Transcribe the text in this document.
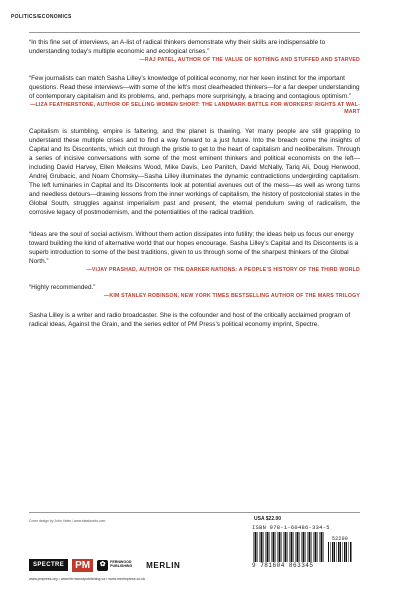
POLITICS/ECONOMICS

“In this fine set of interviews, an A-list of radical thinkers demonstrate why their skills are indispensable to understanding today’s multiple economic and ecological crises.”

—RAJ PATEL, AUTHOR OF THE VALUE OF NOTHING AND STUFFED AND STARVED

“Few journalists can match Sasha Lilley’s knowledge of political economy, nor her keen instinct for the important questions. Read these interviews—with some of the left’s most clearheaded thinkers—for a far deeper understanding of contemporary capitalism and its problems, and, perhaps more surprisingly, a bracing and contagious optimism.”

—LIZA FEATHERSTONE, AUTHOR OF SELLING WOMEN SHORT: THE LANDMARK BATTLE FOR WORKERS’ RIGHTS AT WAL-MART

Capitalism is stumbling, empire is faltering, and the planet is thawing. Yet many people are still grappling to understand these multiple crises and to find a way forward to a just future. Into the breach come the insights of Capital and Its Discontents, which cut through the gristle to get to the heart of capitalism and neoliberalism. Through a series of incisive conversations with some of the most eminent thinkers and political economists on the left—including David Harvey, Ellen Meiksins Wood, Mike Davis, Leo Panitch, David McNally, Tariq Ali, Doug Henwood, Andrej Grubacic, and Noam Chomsky—Sasha Lilley illuminates the dynamic contradictions undergirding capitalism. The left luminaries in Capital and Its Discontents look at potential avenues out of the mess—as well as wrong turns and needless detours—drawing lessons from the inner workings of capitalism, the history of postcolonial states in the Global South, struggles against imperialism past and present, the eternal pendulum swing of radicalism, the corrosive legacy of postmodernism, and the potentialities of the radical tradition.

“Ideas are the soul of social activism. Without them action dissipates into futility; the ideas help us focus our energy toward building the kind of alternative world that our hopes encourage. Sasha Lilley’s Capital and Its Discontents is a superb introduction to some of the best traditions, given to us through some of the sharpest thinkers of the Global North.”

—VIJAY PRASHAD, AUTHOR OF THE DARKER NATIONS: A PEOPLE’S HISTORY OF THE THIRD WORLD

“Highly recommended.”

—KIM STANLEY ROBINSON, NEW YORK TIMES BESTSELLING AUTHOR OF THE MARS TRILOGY

Sasha Lilley is a writer and radio broadcaster. She is the cofounder and host of the critically acclaimed program of radical ideas, Against the Grain, and the series editor of PM Press’s political economy imprint, Spectre.

Cover design by John Yates / www.stealworks.com
SPECTRE	PM	✿	FERNWOOD PUBLISHING	MERLIN
www.pmpress.org • www.fernwoodpublishing.ca • www.merlinpress.co.uk
USA $22.00
ISBN 978-1-60486-334-5
52200
9 781604 863345
